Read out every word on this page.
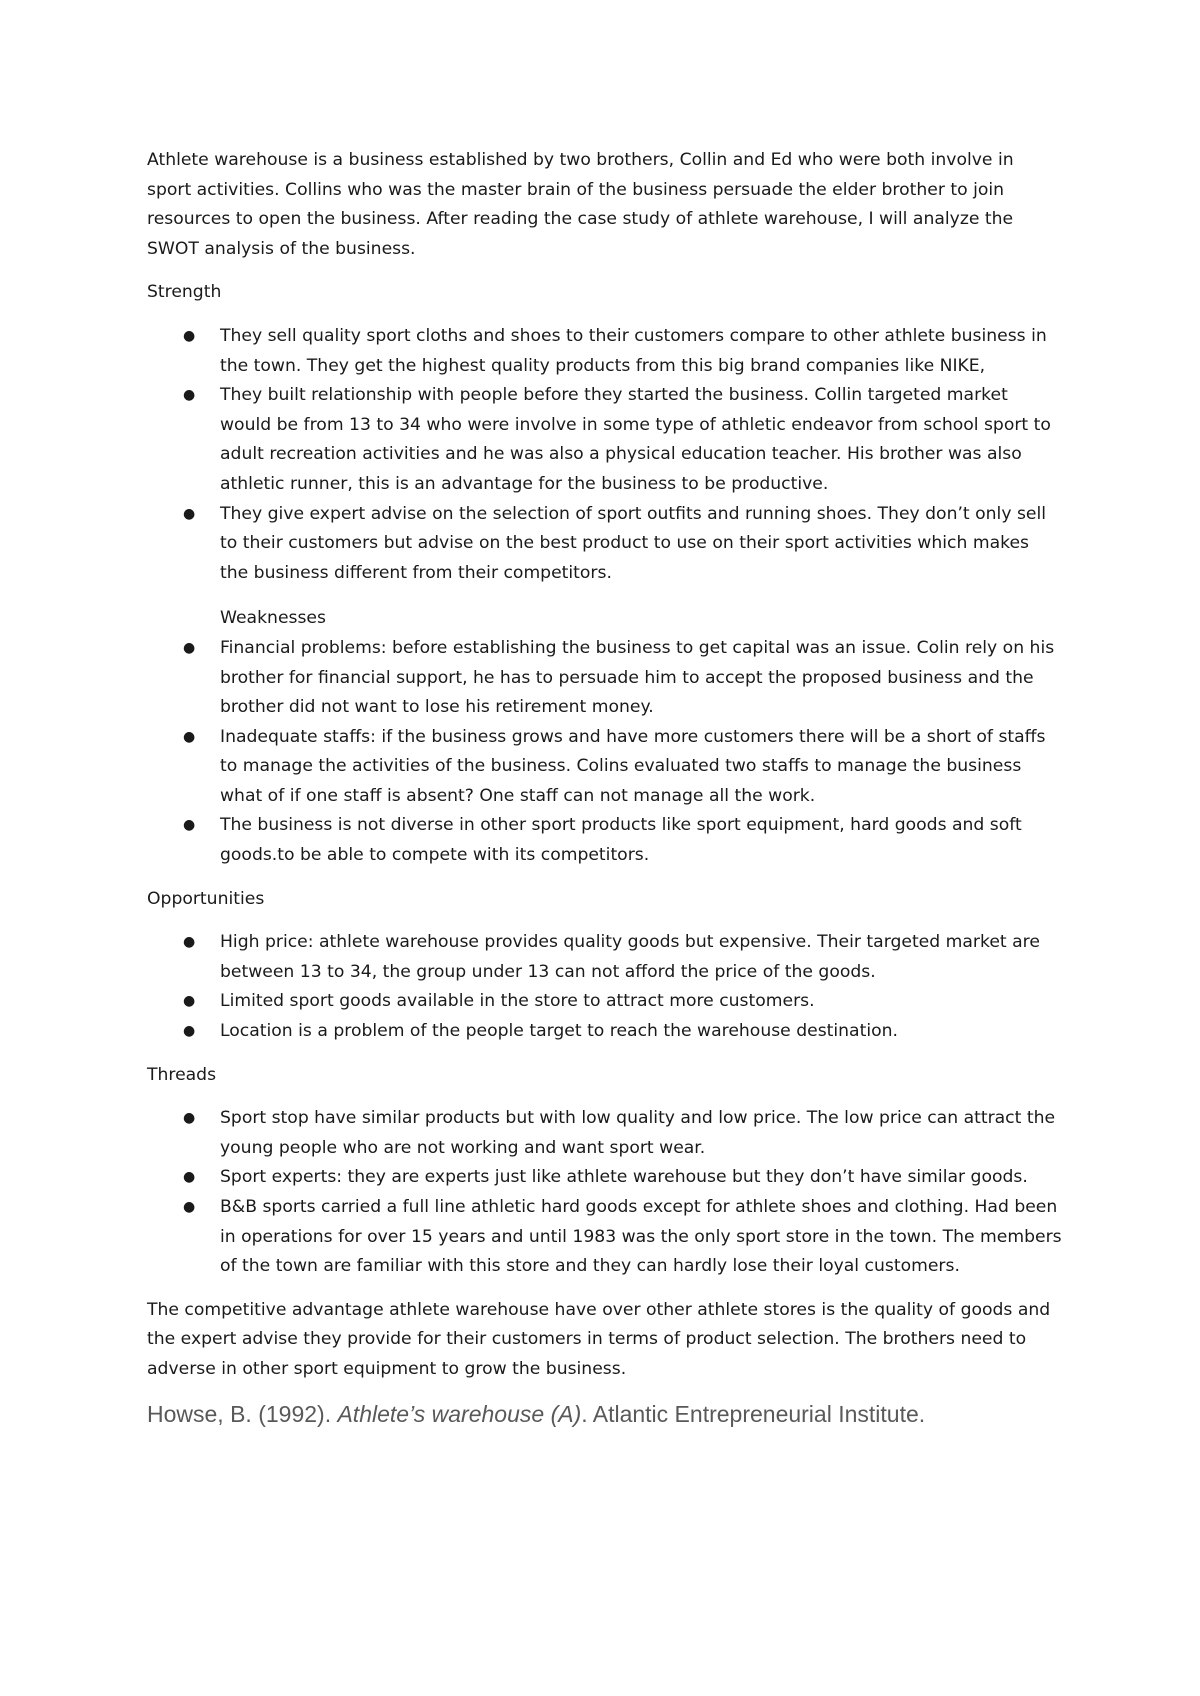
Athlete warehouse is a business established by two brothers, Collin and Ed who were both involve in sport activities. Collins who was the master brain of the business persuade the elder brother to join resources to open the business. After reading the case study of athlete warehouse, I will analyze the SWOT analysis of the business.

Strength

● They sell quality sport cloths and shoes to their customers compare to other athlete business in the town. They get the highest quality products from this big brand companies like NIKE,
● They built relationship with people before they started the business. Collin targeted market would be from 13 to 34 who were involve in some type of athletic endeavor from school sport to adult recreation activities and he was also a physical education teacher. His brother was also athletic runner, this is an advantage for the business to be productive.
● They give expert advise on the selection of sport outfits and running shoes. They don’t only sell to their customers but advise on the best product to use on their sport activities which makes the business different from their competitors.
Weaknesses
● Financial problems: before establishing the business to get capital was an issue. Colin rely on his brother for financial support, he has to persuade him to accept the proposed business and the brother did not want to lose his retirement money.
● Inadequate staffs: if the business grows and have more customers there will be a short of staffs to manage the activities of the business. Colins evaluated two staffs to manage the business what of if one staff is absent? One staff can not manage all the work.
● The business is not diverse in other sport products like sport equipment, hard goods and soft goods.to be able to compete with its competitors.

Opportunities

● High price: athlete warehouse provides quality goods but expensive. Their targeted market are between 13 to 34, the group under 13 can not afford the price of the goods.
● Limited sport goods available in the store to attract more customers.
● Location is a problem of the people target to reach the warehouse destination.

Threads

● Sport stop have similar products but with low quality and low price. The low price can attract the young people who are not working and want sport wear.
● Sport experts: they are experts just like athlete warehouse but they don’t have similar goods.
● B&B sports carried a full line athletic hard goods except for athlete shoes and clothing. Had been in operations for over 15 years and until 1983 was the only sport store in the town. The members of the town are familiar with this store and they can hardly lose their loyal customers.

The competitive advantage athlete warehouse have over other athlete stores is the quality of goods and the expert advise they provide for their customers in terms of product selection. The brothers need to adverse in other sport equipment to grow the business.

Howse, B. (1992). Athlete’s warehouse (A). Atlantic Entrepreneurial Institute.
